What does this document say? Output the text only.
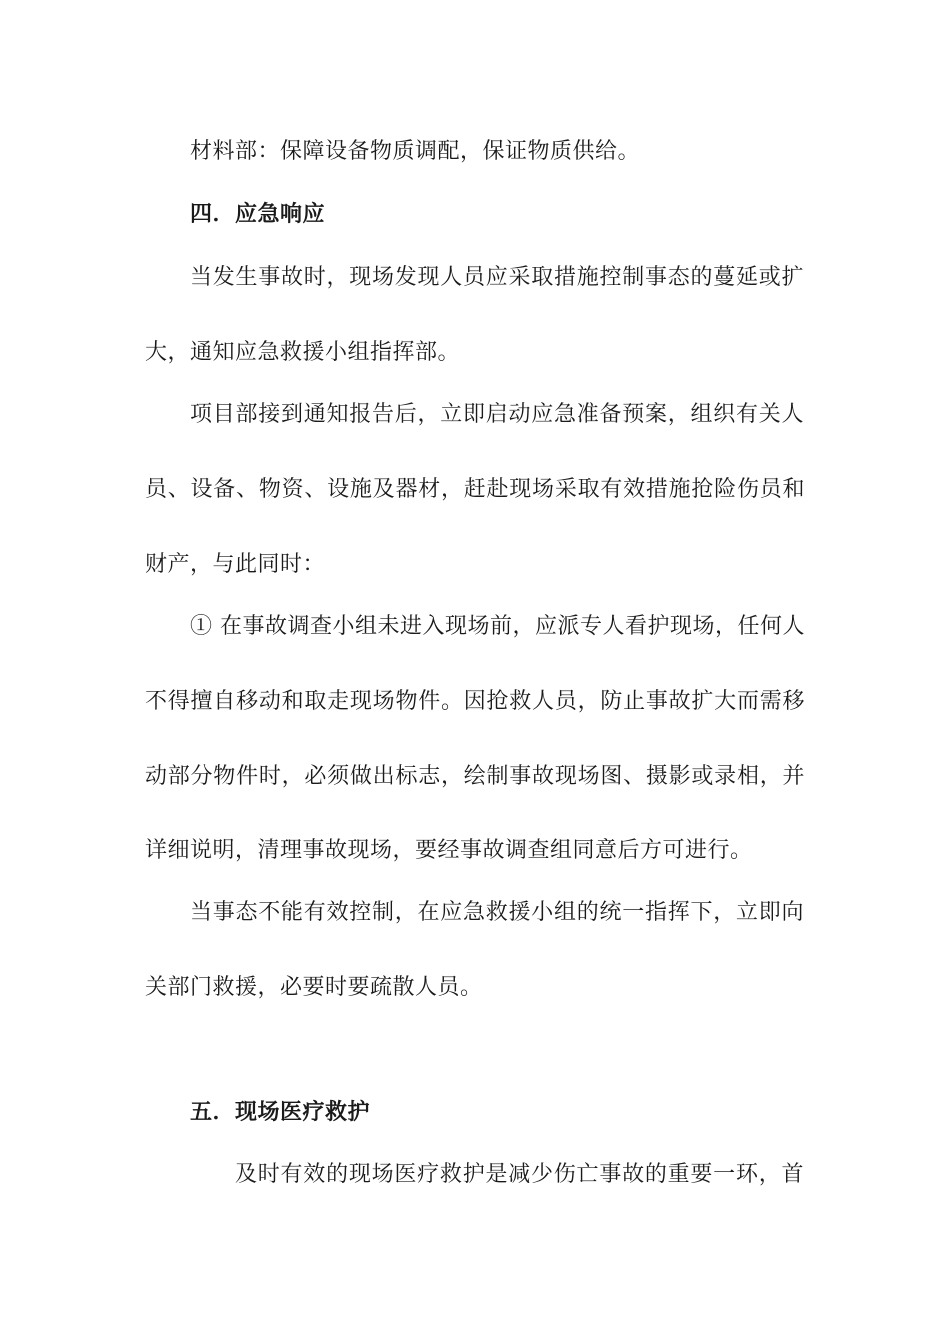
材料部：保障设备物质调配，保证物质供给。
四．应急响应
当发生事故时，现场发现人员应采取措施控制事态的蔓延或扩
大，通知应急救援小组指挥部。
项目部接到通知报告后，立即启动应急准备预案，组织有关人
员、设备、物资、设施及器材，赶赴现场采取有效措施抢险伤员和
财产，与此同时：
① 在事故调查小组未进入现场前，应派专人看护现场，任何人
不得擅自移动和取走现场物件。因抢救人员，防止事故扩大而需移
动部分物件时，必须做出标志，绘制事故现场图、摄影或录相，并
详细说明，清理事故现场，要经事故调查组同意后方可进行。
当事态不能有效控制，在应急救援小组的统一指挥下，立即向
关部门救援，必要时要疏散人员。
五．现场医疗救护
及时有效的现场医疗救护是减少伤亡事故的重要一环，首
